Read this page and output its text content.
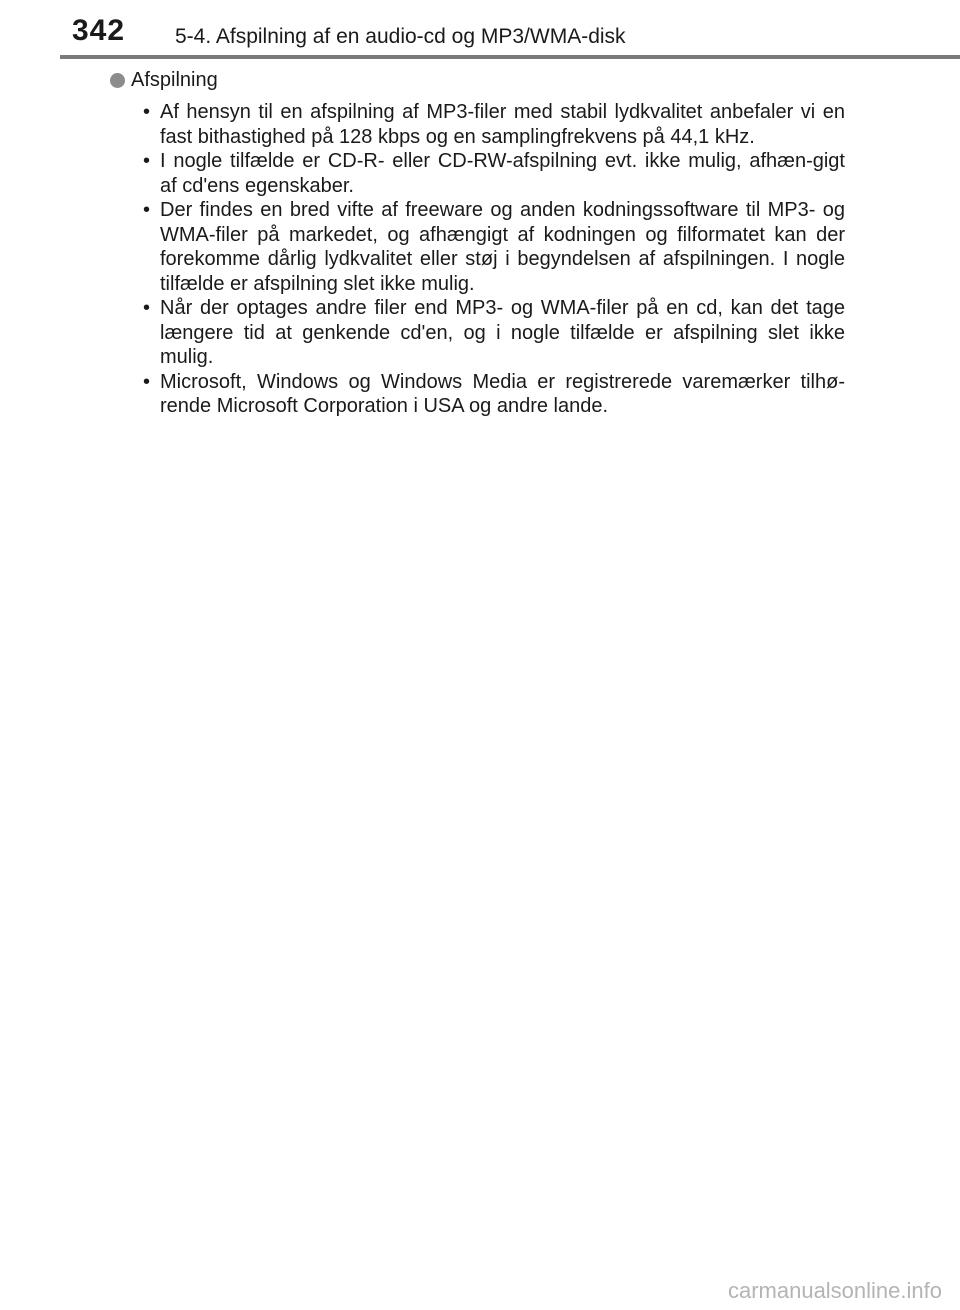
342 5-4. Afspilning af en audio-cd og MP3/WMA-disk
Afspilning
• Af hensyn til en afspilning af MP3-filer med stabil lydkvalitet anbefaler vi en fast bithastighed på 128 kbps og en samplingfrekvens på 44,1 kHz.
• I nogle tilfælde er CD-R- eller CD-RW-afspilning evt. ikke mulig, afhæn-gigt af cd'ens egenskaber.
• Der findes en bred vifte af freeware og anden kodningssoftware til MP3- og WMA-filer på markedet, og afhængigt af kodningen og filformatet kan der forekomme dårlig lydkvalitet eller støj i begyndelsen af afspilningen. I nogle tilfælde er afspilning slet ikke mulig.
• Når der optages andre filer end MP3- og WMA-filer på en cd, kan det tage længere tid at genkende cd'en, og i nogle tilfælde er afspilning slet ikke mulig.
• Microsoft, Windows og Windows Media er registrerede varemærker tilhø-rende Microsoft Corporation i USA og andre lande.
carmanualsonline.info
